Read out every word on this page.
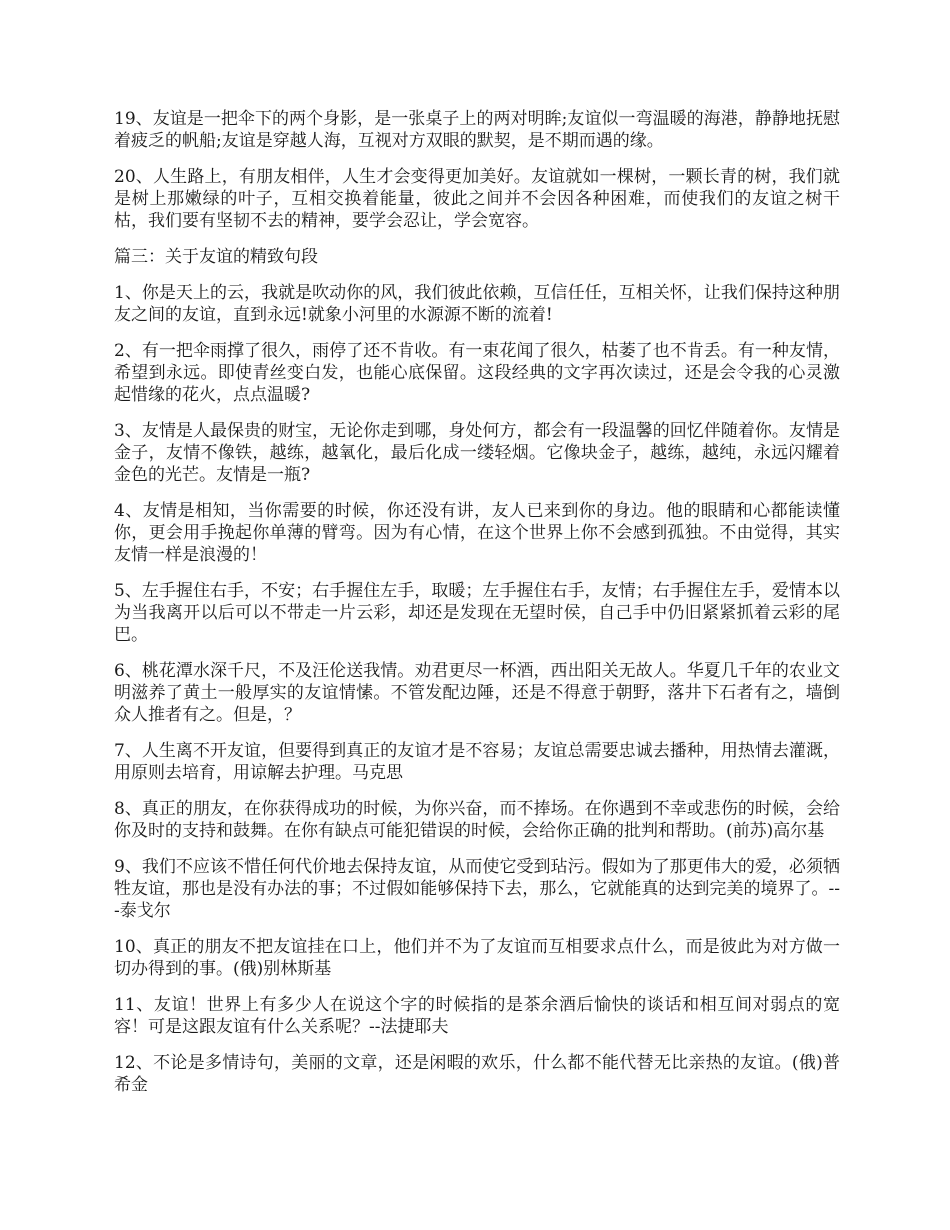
19、友谊是一把伞下的两个身影，是一张桌子上的两对明眸;友谊似一弯温暖的海港，静静地抚慰着疲乏的帆船;友谊是穿越人海，互视对方双眼的默契，是不期而遇的缘。

20、人生路上，有朋友相伴，人生才会变得更加美好。友谊就如一棵树，一颗长青的树，我们就是树上那嫩绿的叶子，互相交换着能量，彼此之间并不会因各种困难，而使我们的友谊之树干枯，我们要有坚韧不去的精神，要学会忍让，学会宽容。

篇三：关于友谊的精致句段

1、你是天上的云，我就是吹动你的风，我们彼此依赖，互信任任，互相关怀，让我们保持这种朋友之间的友谊，直到永远!就象小河里的水源源不断的流着!

2、有一把伞雨撑了很久，雨停了还不肯收。有一束花闻了很久，枯萎了也不肯丢。有一种友情，希望到永远。即使青丝变白发，也能心底保留。这段经典的文字再次读过，还是会令我的心灵激起惜缘的花火，点点温暖?

3、友情是人最保贵的财宝，无论你走到哪，身处何方，都会有一段温馨的回忆伴随着你。友情是金子，友情不像铁，越练，越氧化，最后化成一缕轻烟。它像块金子，越练，越纯，永远闪耀着金色的光芒。友情是一瓶?

4、友情是相知，当你需要的时候，你还没有讲，友人已来到你的身边。他的眼睛和心都能读懂你，更会用手挽起你单薄的臂弯。因为有心情，在这个世界上你不会感到孤独。不由觉得，其实友情一样是浪漫的！

5、左手握住右手，不安；右手握住左手，取暖；左手握住右手，友情；右手握住左手，爱情本以为当我离开以后可以不带走一片云彩，却还是发现在无望时侯，自己手中仍旧紧紧抓着云彩的尾巴。

6、桃花潭水深千尺，不及汪伦送我情。劝君更尽一杯酒，西出阳关无故人。华夏几千年的农业文明滋养了黄土一般厚实的友谊情愫。不管发配边陲，还是不得意于朝野，落井下石者有之，墙倒众人推者有之。但是，？

7、人生离不开友谊，但要得到真正的友谊才是不容易；友谊总需要忠诚去播种，用热情去灌溉，用原则去培育，用谅解去护理。马克思

8、真正的朋友，在你获得成功的时候，为你兴奋，而不捧场。在你遇到不幸或悲伤的时候，会给你及时的支持和鼓舞。在你有缺点可能犯错误的时候，会给你正确的批判和帮助。(前苏)高尔基

9、我们不应该不惜任何代价地去保持友谊，从而使它受到玷污。假如为了那更伟大的爱，必须牺牲友谊，那也是没有办法的事；不过假如能够保持下去，那么，它就能真的达到完美的境界了。---泰戈尔

10、真正的朋友不把友谊挂在口上，他们并不为了友谊而互相要求点什么，而是彼此为对方做一切办得到的事。(俄)别林斯基

11、友谊！世界上有多少人在说这个字的时候指的是茶余酒后愉快的谈话和相互间对弱点的宽容！可是这跟友谊有什么关系呢？--法捷耶夫

12、不论是多情诗句，美丽的文章，还是闲暇的欢乐，什么都不能代替无比亲热的友谊。(俄)普希金
